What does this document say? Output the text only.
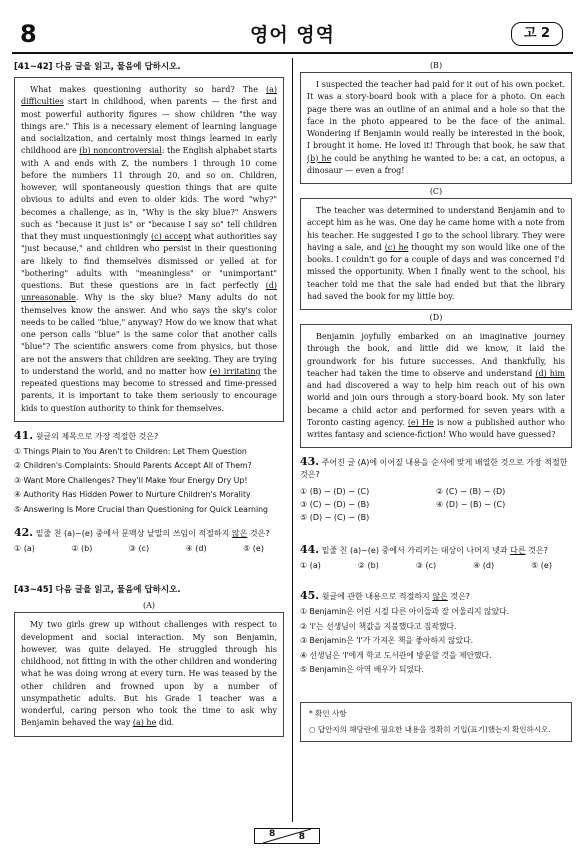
8	영어 영역	고 2
[41~42] 다음 글을 읽고, 물음에 답하시오.

What makes questioning authority so hard? The (a) difficulties start in childhood, when parents — the first and most powerful authority figures — show children "the way things are." This is a necessary element of learning language and socialization, and certainly most things learned in early childhood are (b) noncontroversial: the English alphabet starts with A and ends with Z, the numbers 1 through 10 come before the numbers 11 through 20, and so on. Children, however, will spontaneously question things that are quite obvious to adults and even to older kids. The word "why?" becomes a challenge, as in, "Why is the sky blue?" Answers such as "because it just is" or "because I say so" tell children that they must unquestioningly (c) accept what authorities say "just because," and children who persist in their questioning are likely to find themselves dismissed or yelled at for "bothering" adults with "meaningless" or "unimportant" questions. But these questions are in fact perfectly (d) unreasonable. Why is the sky blue? Many adults do not themselves know the answer. And who says the sky's color needs to be called "blue," anyway? How do we know that what one person calls "blue" is the same color that another calls "blue"? The scientific answers come from physics, but those are not the answers that children are seeking. They are trying to understand the world, and no matter how (e) irritating the repeated questions may become to stressed and time-pressed parents, it is important to take them seriously to encourage kids to question authority to think for themselves.

41. 윗글의 제목으로 가장 적절한 것은?
① Things Plain to You Aren't to Children: Let Them Question
② Children's Complaints: Should Parents Accept All of Them?
③ Want More Challenges? They'll Make Your Energy Dry Up!
④ Authority Has Hidden Power to Nurture Children's Morality
⑤ Answering Is More Crucial than Questioning for Quick Learning
42. 밑줄 친 (a)~(e) 중에서 문맥상 낱말의 쓰임이 적절하지 않은 것은?
① (a)	② (b)	③ (c)	④ (d)	⑤ (e)
[43~45] 다음 글을 읽고, 물음에 답하시오.
(A)

My two girls grew up without challenges with respect to development and social interaction. My son Benjamin, however, was quite delayed. He struggled through his childhood, not fitting in with the other children and wondering what he was doing wrong at every turn. He was teased by the other children and frowned upon by a number of unsympathetic adults. But his Grade 1 teacher was a wonderful, caring person who took the time to ask why Benjamin behaved the way (a) he did.

(B)

I suspected the teacher had paid for it out of his own pocket. It was a story-board book with a place for a photo. On each page there was an outline of an animal and a hole so that the face in the photo appeared to be the face of the animal. Wondering if Benjamin would really be interested in the book, I brought it home. He loved it! Through that book, he saw that (b) he could be anything he wanted to be: a cat, an octopus, a dinosaur — even a frog!

(C)

The teacher was determined to understand Benjamin and to accept him as he was. One day he came home with a note from his teacher. He suggested I go to the school library. They were having a sale, and (c) he thought my son would like one of the books. I couldn't go for a couple of days and was concerned I'd missed the opportunity. When I finally went to the school, his teacher told me that the sale had ended but that the library had saved the book for my little boy.

(D)

Benjamin joyfully embarked on an imaginative journey through the book, and little did we know, it laid the groundwork for his future successes. And thankfully, his teacher had taken the time to observe and understand (d) him and had discovered a way to help him reach out of his own world and join ours through a story-board book. My son later became a child actor and performed for seven years with a Toronto casting agency. (e) He is now a published author who writes fantasy and science-fiction! Who would have guessed?

43. 주어진 글 (A)에 이어질 내용을 순서에 맞게 배열한 것으로 가장 적절한 것은?
① (B) − (D) − (C)	② (C) − (B) − (D)
③ (C) − (D) − (B)	④ (D) − (B) − (C)
⑤ (D) − (C) − (B)
44. 밑줄 친 (a)~(e) 중에서 가리키는 대상이 나머지 넷과 다른 것은?
① (a)	② (b)	③ (c)	④ (d)	⑤ (e)
45. 윗글에 관한 내용으로 적절하지 않은 것은?
① Benjamin은 어린 시절 다른 아이들과 잘 어울리지 않았다.
② 'I'는 선생님이 책값을 지불했다고 짐작했다.
③ Benjamin은 'I'가 가져온 책을 좋아하지 않았다.
④ 선생님은 'I'에게 학교 도서관에 방문할 것을 제안했다.
⑤ Benjamin은 아역 배우가 되었다.
* 확인 사항
○ 답안지의 해당란에 필요한 내용을 정확히 기입(표기)했는지 확인하시오.
8	8
